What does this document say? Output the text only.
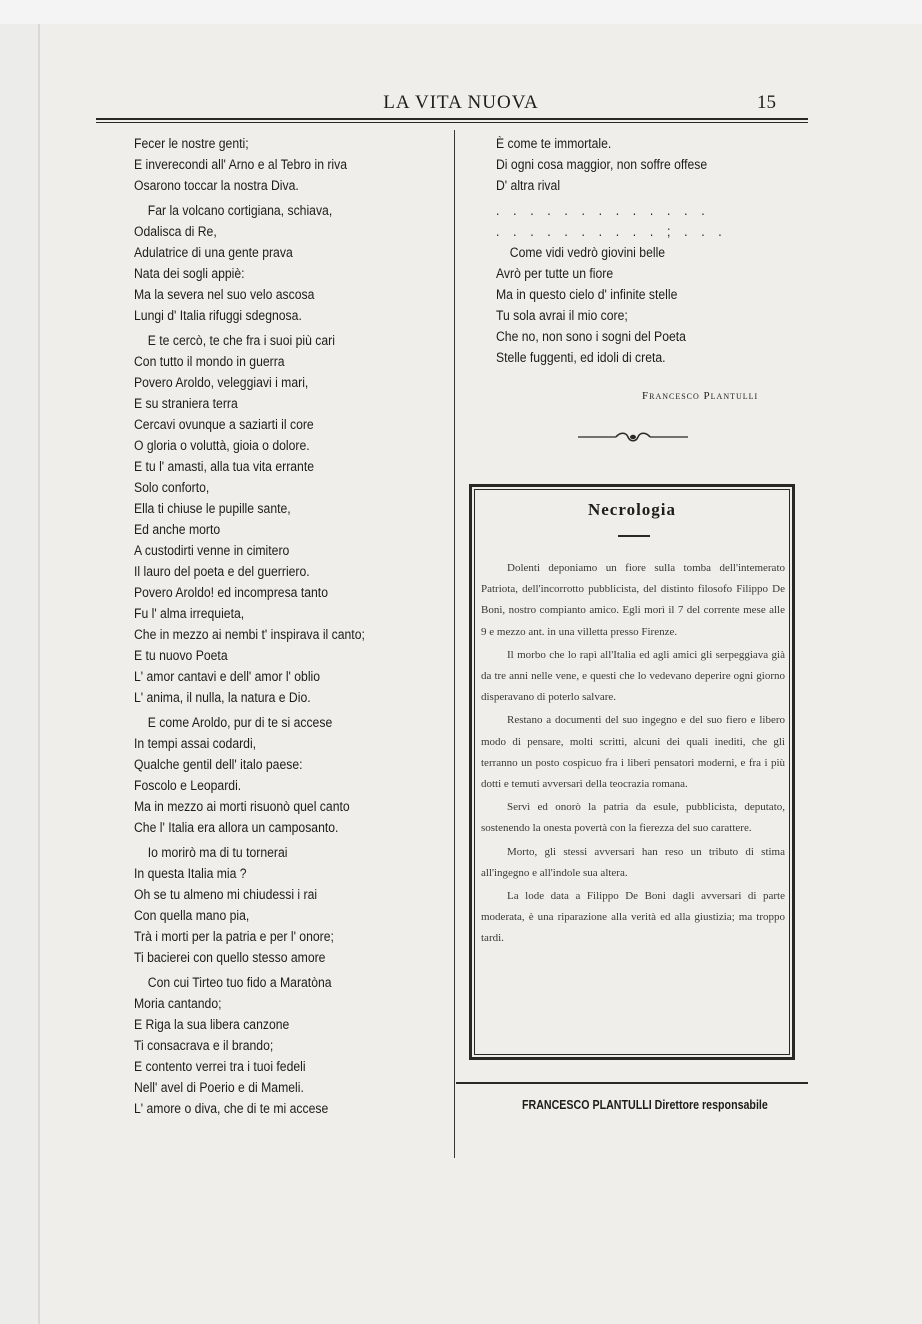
LA VITA NUOVA	15
Fecer le nostre genti;
E inverecondi all' Arno e al Tebro in riva
Osarono toccar la nostra Diva.
Far la volcano cortigiana, schiava,
Odalisca di Re,
Adulatrice di una gente prava
Nata dei sogli appiè:
Ma la severa nel suo velo ascosa
Lungi d' Italia rifuggi sdegnosa.
E te cercò, te che fra i suoi più cari
Con tutto il mondo in guerra
Povero Aroldo, veleggiavi i mari,
E su straniera terra
Cercavi ovunque a saziarti il core
O gloria o voluttà, gioia o dolore.
E tu l' amasti, alla tua vita errante
Solo conforto,
Ella ti chiuse le pupille sante,
Ed anche morto
A custodirti venne in cimitero
Il lauro del poeta e del guerriero.
Povero Aroldo! ed incompresa tanto
Fu l' alma irrequieta,
Che in mezzo ai nembi t' inspirava il canto;
E tu nuovo Poeta
L' amor cantavi e dell' amor l' oblio
L' anima, il nulla, la natura e Dio.
E come Aroldo, pur di te si accese
In tempi assai codardi,
Qualche gentil dell' italo paese:
Foscolo e Leopardi.
Ma in mezzo ai morti risuonò quel canto
Che l' Italia era allora un camposanto.
Io morirò ma di tu tornerai
In questa Italia mia ?
Oh se tu almeno mi chiudessi i rai
Con quella mano pia,
Trà i morti per la patria e per l' onore;
Ti bacierei con quello stesso amore
Con cui Tirteo tuo fido a Maratòna
Moria cantando;
E Riga la sua libera canzone
Ti consacrava e il brando;
E contento verrei tra i tuoi fedeli
Nell' avel di Poerio e di Mameli.
L' amore o diva, che di te mi accese
È come te immortale.
Di ogni cosa maggior, non soffre offese
D' altra rival
. . . . . . . . . . . . .
. . . . . . . . . . ; . . .
Come vidi vedrò giovini belle
Avrò per tutte un fiore
Ma in questo cielo d' infinite stelle
Tu sola avrai il mio core;
Che no, non sono i sogni del Poeta
Stelle fuggenti, ed idoli di creta.
Francesco Plantulli
Necrologia

Dolenti deponiamo un fiore sulla tomba dell'intemerato Patriota, dell'incorrotto pubblicista, del distinto filosofo Filippo De Boni, nostro compianto amico. Egli morì il 7 del corrente mese alle 9 e mezzo ant. in una villetta presso Firenze.

Il morbo che lo rapì all'Italia ed agli amici gli serpeggiava già da tre anni nelle vene, e questi che lo vedevano deperire ogni giorno disperavano di poterlo salvare.

Restano a documenti del suo ingegno e del suo fiero e libero modo di pensare, molti scritti, alcuni dei quali inediti, che gli terranno un posto cospicuo fra i liberi pensatori moderni, e fra i più dotti e temuti avversari della teocrazia romana.

Servì ed onorò la patria da esule, pubblicista, deputato, sostenendo la onesta povertà con la fierezza del suo carattere.

Morto, gli stessi avversari han reso un tributo di stima all'ingegno e all'indole sua altera.

La lode data a Filippo De Boni dagli avversari di parte moderata, è una riparazione alla verità ed alla giustizia; ma troppo tardi.

FRANCESCO PLANTULLI Direttore responsabile
